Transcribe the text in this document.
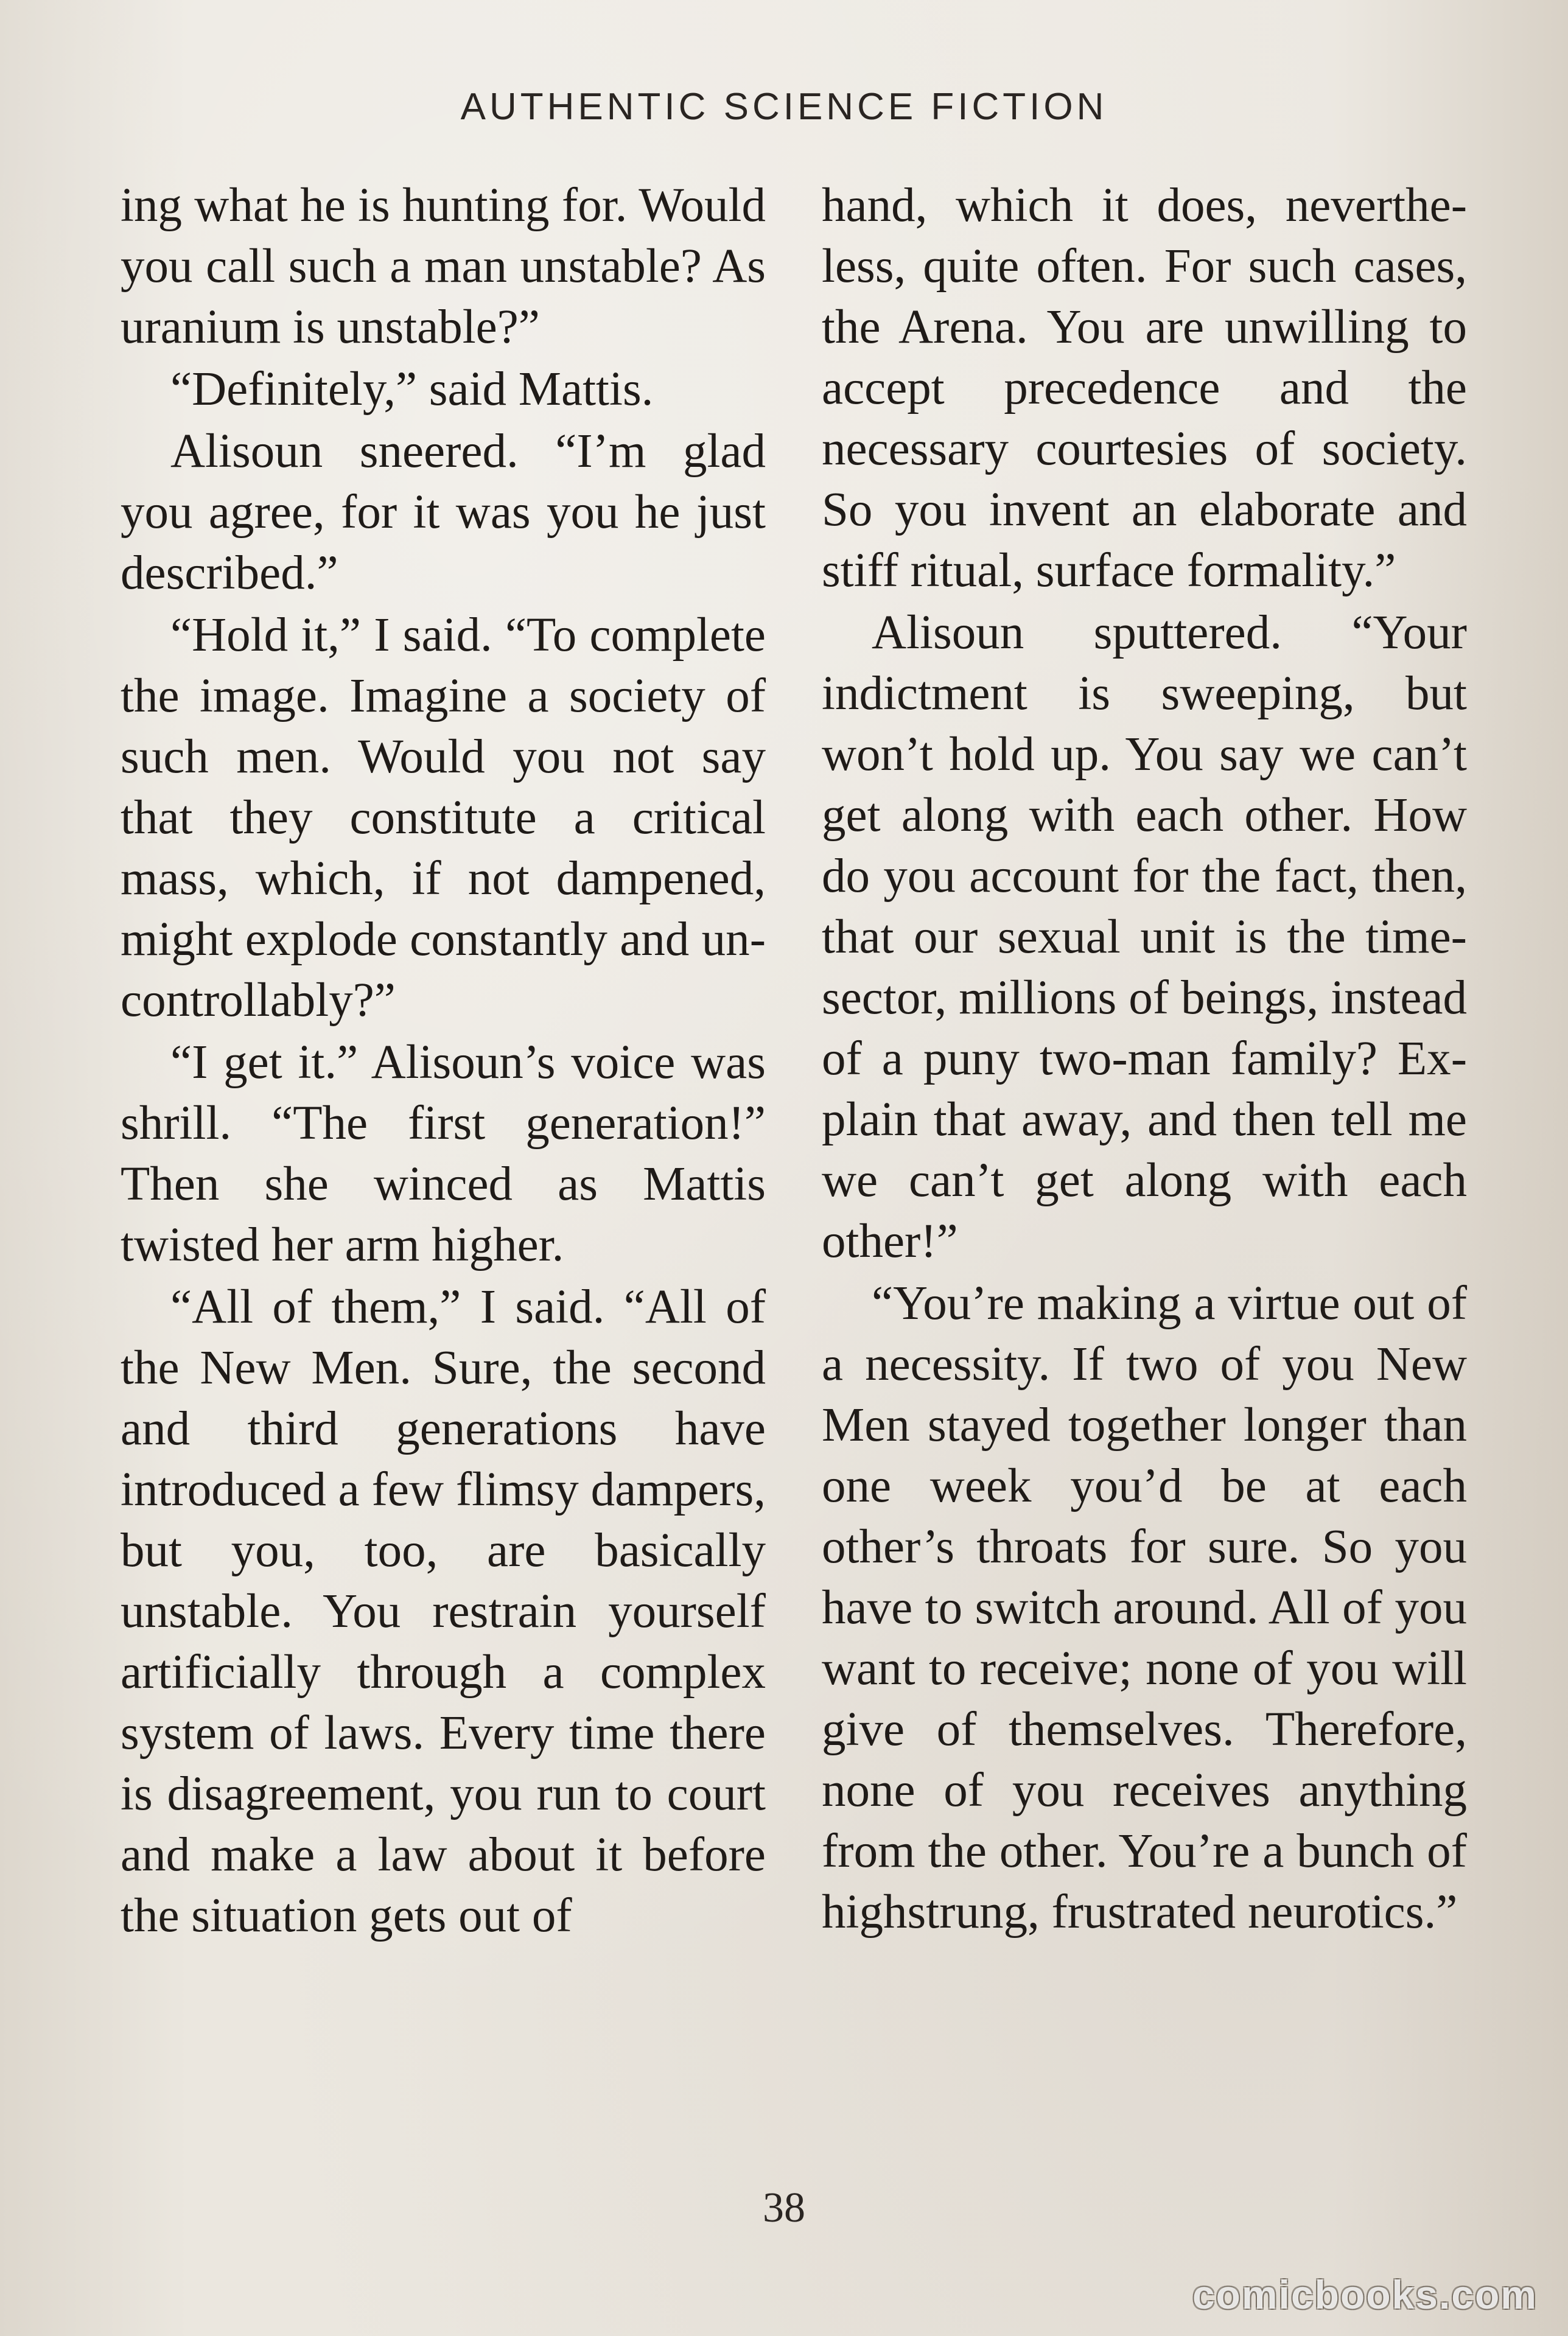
AUTHENTIC SCIENCE FICTION

ing what he is hunting for. Would you call such a man unstable? As uranium is unstable?”

“Definitely,” said Mattis.

Alisoun sneered. “I’m glad you agree, for it was you he just described.”

“Hold it,” I said. “To complete the image. Imagine a society of such men. Would you not say that they constitute a critical mass, which, if not dampened, might explode constantly and uncontrollably?”

“I get it.” Alisoun’s voice was shrill. “The first generation!” Then she winced as Mattis twisted her arm higher.

“All of them,” I said. “All of the New Men. Sure, the second and third generations have introduced a few flimsy dampers, but you, too, are basically unstable. You restrain yourself artificially through a complex system of laws. Every time there is disagreement, you run to court and make a law about it before the situation gets out of

hand, which it does, nevertheless, quite often. For such cases, the Arena. You are unwilling to accept precedence and the necessary courtesies of society. So you invent an elaborate and stiff ritual, surface formality.”

Alisoun sputtered. “Your indictment is sweeping, but won’t hold up. You say we can’t get along with each other. How do you account for the fact, then, that our sexual unit is the time-sector, millions of beings, instead of a puny two-man family? Explain that away, and then tell me we can’t get along with each other!”

“You’re making a virtue out of a necessity. If two of you New Men stayed together longer than one week you’d be at each other’s throats for sure. So you have to switch around. All of you want to receive; none of you will give of themselves. Therefore, none of you receives anything from the other. You’re a bunch of highstrung, frustrated neurotics.”

38
comicbooks.com
